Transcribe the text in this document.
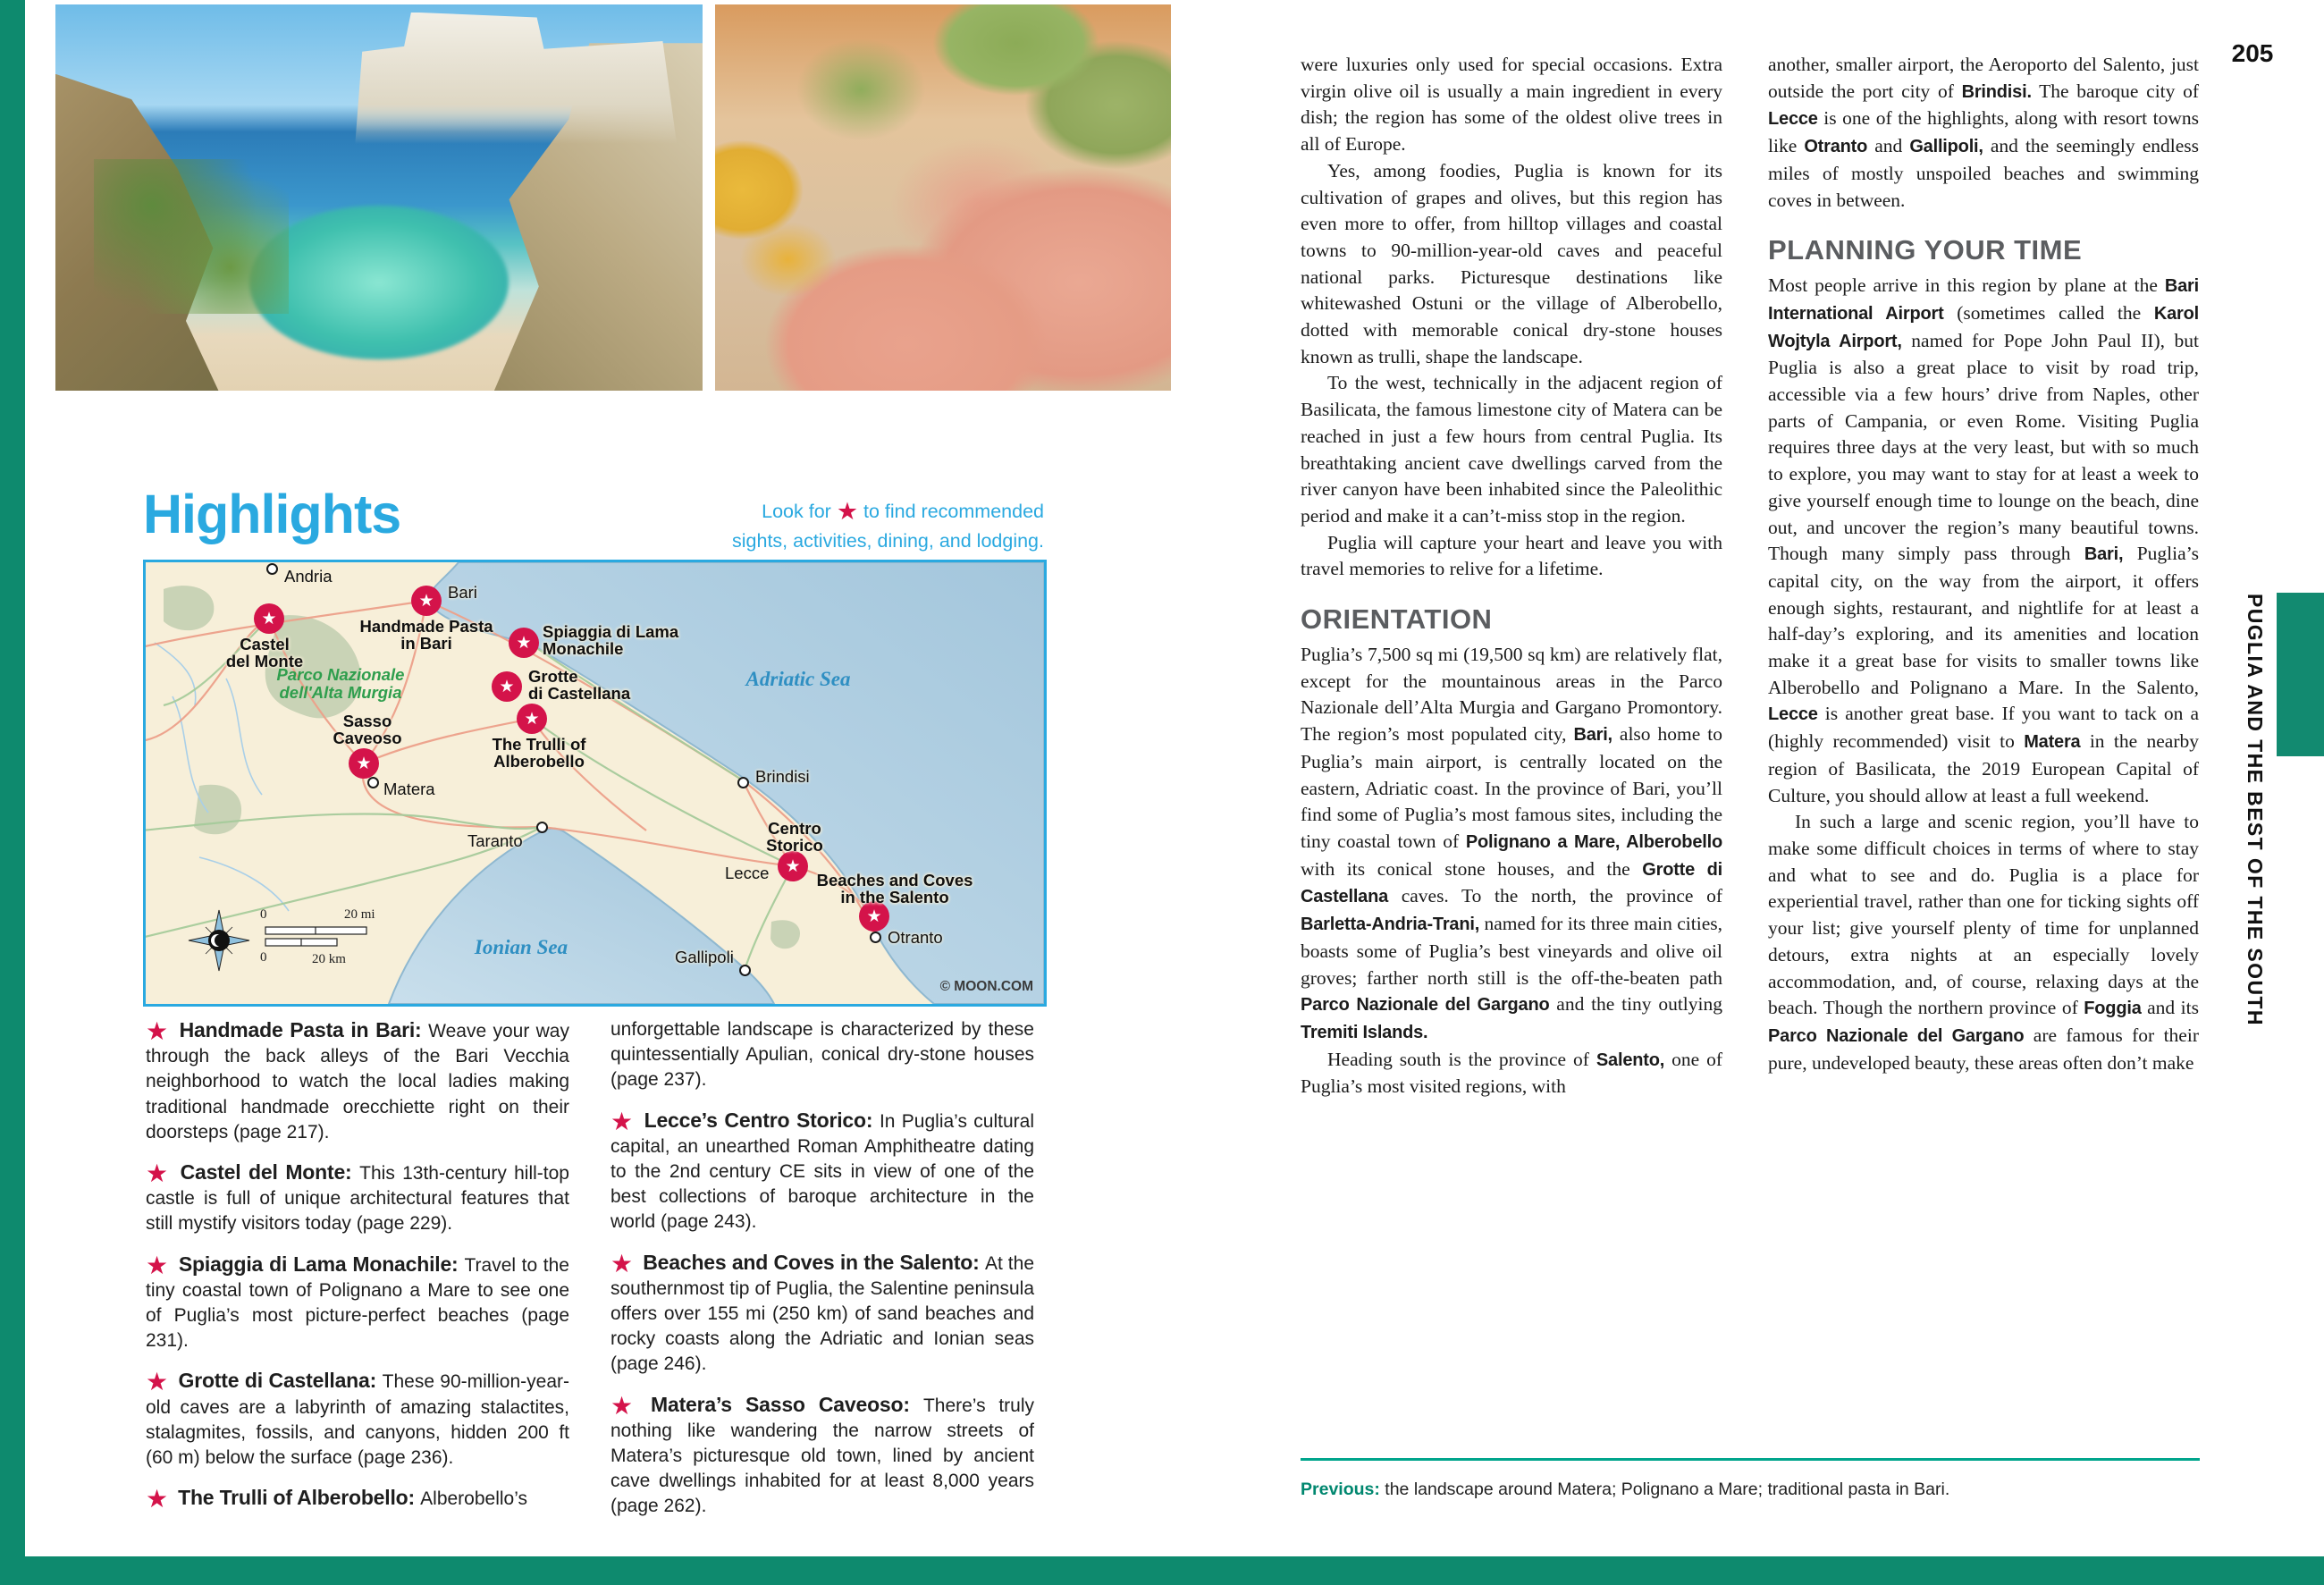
Highlights	Look for ★ to find recommended
sights, activities, dining, and lodging.
★
★
★
★
★
★
★
★
Andria
Bari
Brindisi
Taranto
Lecce
Otranto
Gallipoli
Matera
Handmade Pasta
in Bari
Castel
del Monte
Spiaggia di Lama
Monachile
Grotte
di Castellana
The Trulli of
Alberobello
Sasso
Caveoso
Centro
Storico
Beaches and Coves
in the Salento
Adriatic Sea
Ionian Sea
Parco Nazionale
dell'Alta Murgia
0	20 mi
0	20 km
© MOON.COM
★ Handmade Pasta in Bari: Weave your way through the back alleys of the Bari Vecchia neighborhood to watch the local ladies making traditional handmade orecchiette right on their doorsteps (page 217).
★ Castel del Monte: This 13th-century hill-top castle is full of unique architectural features that still mystify visitors today (page 229).
★ Spiaggia di Lama Monachile: Travel to the tiny coastal town of Polignano a Mare to see one of Puglia’s most picture-perfect beaches (page 231).
★ Grotte di Castellana: These 90-million-year-old caves are a labyrinth of amazing stalactites, stalagmites, fossils, and canyons, hidden 200 ft (60 m) below the surface (page 236).
★ The Trulli of Alberobello: Alberobello’s
unforgettable landscape is characterized by these quintessentially Apulian, conical dry-stone houses (page 237).
★ Lecce’s Centro Storico: In Puglia’s cultural capital, an unearthed Roman Amphitheatre dating to the 2nd century CE sits in view of one of the best collections of baroque architecture in the world (page 243).
★ Beaches and Coves in the Salento: At the southernmost tip of Puglia, the Salentine peninsula offers over 155 mi (250 km) of sand beaches and rocky coasts along the Adriatic and Ionian seas (page 246).
★ Matera’s Sasso Caveoso: There’s truly nothing like wandering the narrow streets of Matera’s picturesque old town, lined by ancient cave dwellings inhabited for at least 8,000 years (page 262).

were luxuries only used for special occasions. Extra virgin olive oil is usually a main ingredient in every dish; the region has some of the oldest olive trees in all of Europe.

Yes, among foodies, Puglia is known for its cultivation of grapes and olives, but this region has even more to offer, from hilltop villages and coastal towns to 90-million-year-old caves and peaceful national parks. Picturesque destinations like whitewashed Ostuni or the village of Alberobello, dotted with memorable conical dry-stone houses known as trulli, shape the landscape.

To the west, technically in the adjacent region of Basilicata, the famous limestone city of Matera can be reached in just a few hours from central Puglia. Its breathtaking ancient cave dwellings carved from the river canyon have been inhabited since the Paleolithic period and make it a can’t-miss stop in the region.

Puglia will capture your heart and leave you with travel memories to relive for a lifetime.

ORIENTATION

Puglia’s 7,500 sq mi (19,500 sq km) are relatively flat, except for the mountainous areas in the Parco Nazionale dell’Alta Murgia and Gargano Promontory. The region’s most populated city, Bari, also home to Puglia’s main airport, is centrally located on the eastern, Adriatic coast. In the province of Bari, you’ll find some of Puglia’s most famous sites, including the tiny coastal town of Polignano a Mare, Alberobello with its conical stone houses, and the Grotte di Castellana caves. To the north, the province of Barletta-Andria-Trani, named for its three main cities, boasts some of Puglia’s best vineyards and olive oil groves; farther north still is the off-the-beaten path Parco Nazionale del Gargano and the tiny outlying Tremiti Islands.

Heading south is the province of Salento, one of Puglia’s most visited regions, with

another, smaller airport, the Aeroporto del Salento, just outside the port city of Brindisi. The baroque city of Lecce is one of the highlights, along with resort towns like Otranto and Gallipoli, and the seemingly endless miles of mostly unspoiled beaches and swimming coves in between.

PLANNING YOUR TIME

Most people arrive in this region by plane at the Bari International Airport (sometimes called the Karol Wojtyla Airport, named for Pope John Paul II), but Puglia is also a great place to visit by road trip, accessible via a few hours’ drive from Naples, other parts of Campania, or even Rome. Visiting Puglia requires three days at the very least, but with so much to explore, you may want to stay for at least a week to give yourself enough time to lounge on the beach, dine out, and uncover the region’s many beautiful towns. Though many simply pass through Bari, Puglia’s capital city, on the way from the airport, it offers enough sights, restaurant, and nightlife for at least a half-day’s exploring, and its amenities and location make it a great base for visits to smaller towns like Alberobello and Polignano a Mare. In the Salento, Lecce is another great base. If you want to tack on a (highly recommended) visit to Matera in the nearby region of Basilicata, the 2019 European Capital of Culture, you should allow at least a full weekend.

In such a large and scenic region, you’ll have to make some difficult choices in terms of where to stay and what to see and do. Puglia is a place for experiential travel, rather than one for ticking sights off your list; give yourself plenty of time for unplanned detours, extra nights at an especially lovely accommodation, and, of course, relaxing days at the beach. Though the northern province of Foggia and its Parco Nazionale del Gargano are famous for their pure, undeveloped beauty, these areas often don’t make

Previous: the landscape around Matera; Polignano a Mare; traditional pasta in Bari.
205
PUGLIA AND THE BEST OF THE SOUTH
